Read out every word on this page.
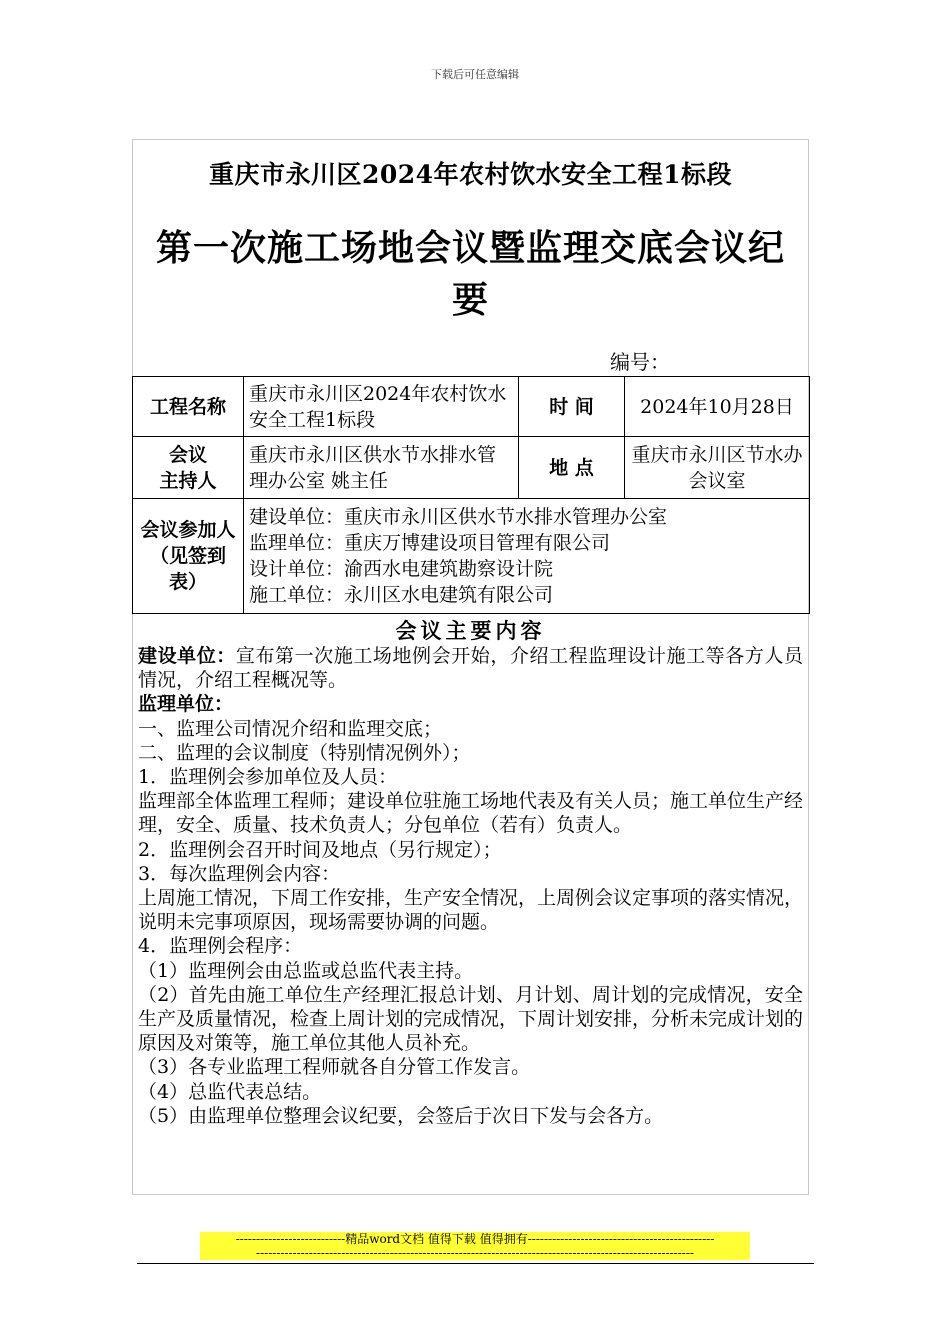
下载后可任意编辑
重庆市永川区2024年农村饮水安全工程1标段
第一次施工场地会议暨监理交底会议纪要
编号：
工程名称	重庆市永川区2024年农村饮水安全工程1标段	时 间	2024年10月28日
会议
主持人	重庆市永川区供水节水排水管理办公室 姚主任	地 点	重庆市永川区节水办会议室
会议参加人（见签到表）	建设单位：重庆市永川区供水节水排水管理办公室
监理单位：重庆万博建设项目管理有限公司
设计单位：渝西水电建筑勘察设计院
施工单位：永川区水电建筑有限公司		
会议主要内容

建设单位：宣布第一次施工场地例会开始，介绍工程监理设计施工等各方人员情况，介绍工程概况等。

监理单位：

一、监理公司情况介绍和监理交底；

二、监理的会议制度（特别情况例外）；

1．监理例会参加单位及人员：

监理部全体监理工程师；建设单位驻施工场地代表及有关人员；施工单位生产经理，安全、质量、技术负责人；分包单位（若有）负责人。

2．监理例会召开时间及地点（另行规定）；

3．每次监理例会内容：

上周施工情况，下周工作安排，生产安全情况，上周例会议定事项的落实情况，说明未完事项原因，现场需要协调的问题。

4．监理例会程序：

（1）监理例会由总监或总监代表主持。

（2）首先由施工单位生产经理汇报总计划、月计划、周计划的完成情况，安全生产及质量情况，检查上周计划的完成情况，下周计划安排，分析未完成计划的原因及对策等，施工单位其他人员补充。

（3）各专业监理工程师就各自分管工作发言。

（4）总监代表总结。

（5）由监理单位整理会议纪要，会签后于次日下发与会各方。

---------------------------精品word文档 值得下载 值得拥有----------------------------------------------
------------------------------------------------------------------------------------------------------------
